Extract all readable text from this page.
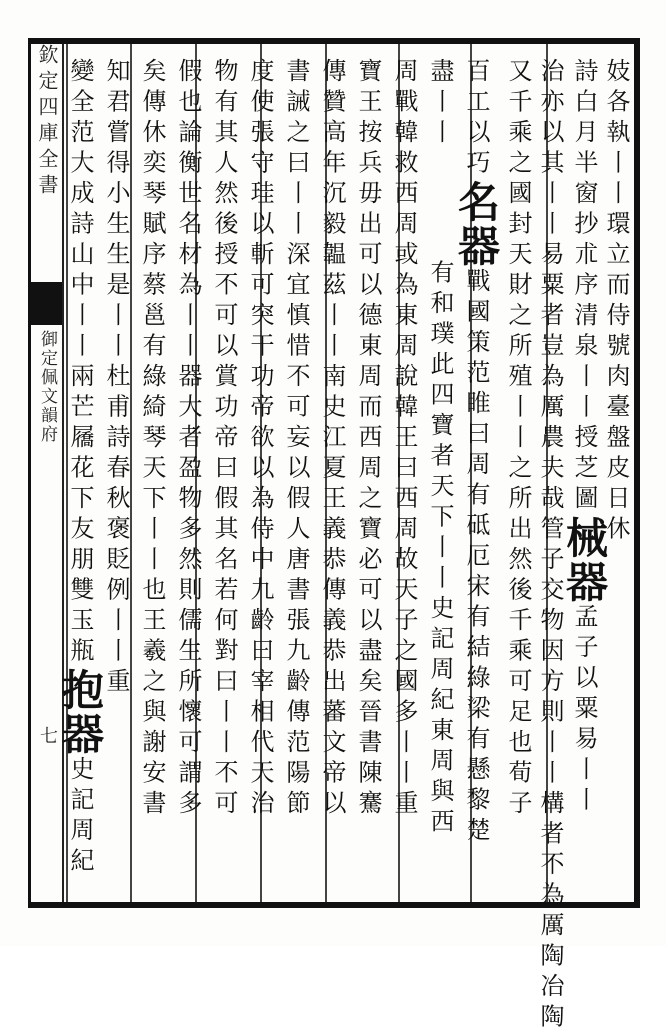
欽定四庫全書
御定佩文韻府
七
妓各執丨丨環立而侍號肉臺盤皮日休
詩白月半窗抄朮序清泉丨丨授芝圖械器孟子以粟易丨丨
治亦以其丨丨易粟者豈為厲農夫哉管子交物因方則丨丨構者不為厲陶冶陶
又千乘之國封天財之所殖丨丨之所出然後千乘可足也荀子
百工以巧名器戰國策范睢曰周有砥厄宋有結綠梁有懸黎楚
盡丨丨有和璞此四寶者天下丨丨史記周紀東周與西
周戰韓救西周或為東周說韓王曰西周故天子之國多丨丨重
寶王按兵毋出可以德東周而西周之寶必可以盡矣晉書陳騫
傳贊高年沉毅韞茲丨丨南史江夏王義恭傳義恭出蕃文帝以
書誡之曰丨丨深宜慎惜不可妄以假人唐書張九齡傳范陽節
度使張守珪以斬可突干功帝欲以為侍中九齡曰宰相代天治
物有其人然後授不可以賞功帝曰假其名若何對曰丨丨不可
假也論衡世名材為丨丨器大者盈物多然則儒生所懷可謂多
矣傳休奕琴賦序蔡邕有綠綺琴天下丨丨也王羲之與謝安書
知君嘗得小生生是丨丨杜甫詩春秋褒貶例丨丨重
變全范大成詩山中丨丨兩芒屩花下友朋雙玉瓶抱器史記周紀
